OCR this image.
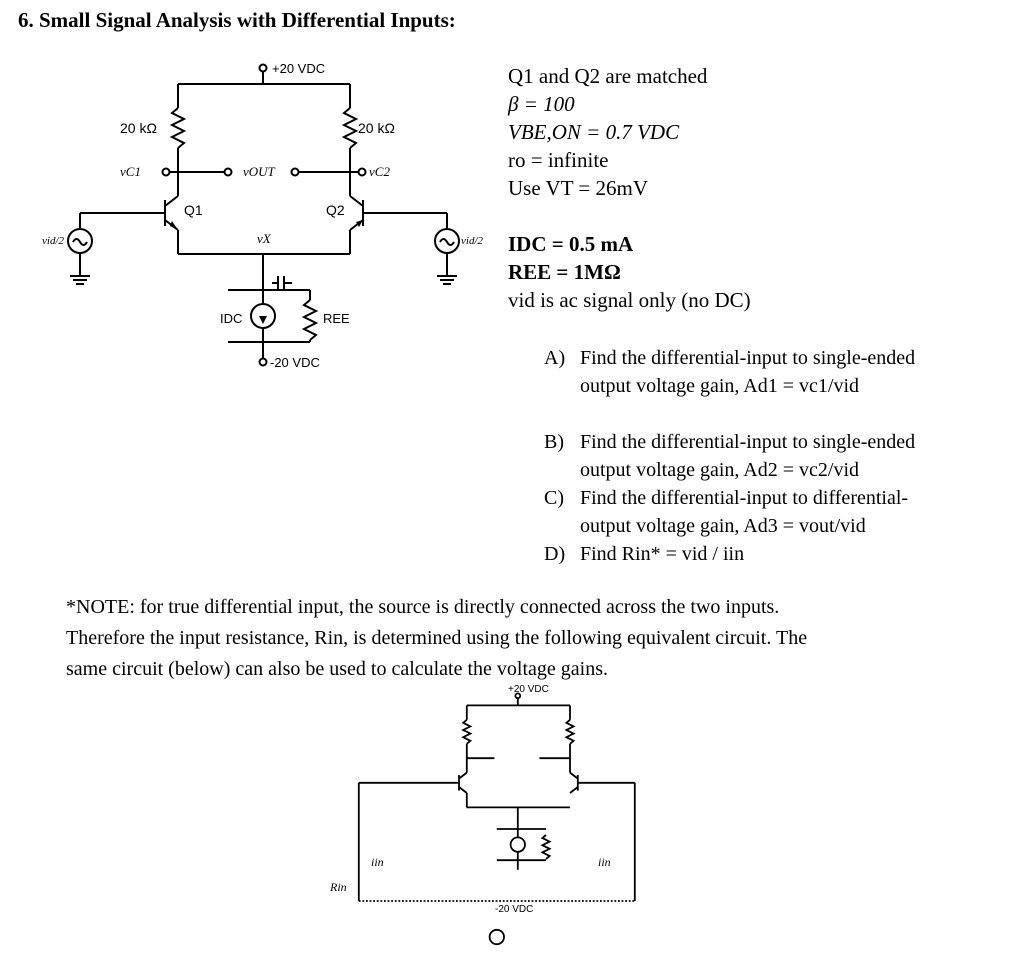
6. Small Signal Analysis with Differential Inputs:
+20 VDC
20 kΩ	20 kΩ
vC1	vOUT	vC2
Q1	Q2
vX
IDC	REE
-20 VDC
vid/2	vid/2
Rin
iin	iin
+20 VDC
-20 VDC
Q1 and Q2 are matched
β = 100
VBE,ON = 0.7 VDC
ro = infinite
Use VT = 26mV
IDC = 0.5 mA
REE = 1MΩ
vid is ac signal only (no DC)
A) Find the differential-input to single-ended
output voltage gain, Ad1 = vc1/vid
B) Find the differential-input to single-ended
output voltage gain, Ad2 = vc2/vid
C) Find the differential-input to differential-
output voltage gain, Ad3 = vout/vid
D) Find Rin* = vid / iin
*NOTE: for true differential input, the source is directly connected across the two inputs.
Therefore the input resistance, Rin, is determined using the following equivalent circuit. The
same circuit (below) can also be used to calculate the voltage gains.
